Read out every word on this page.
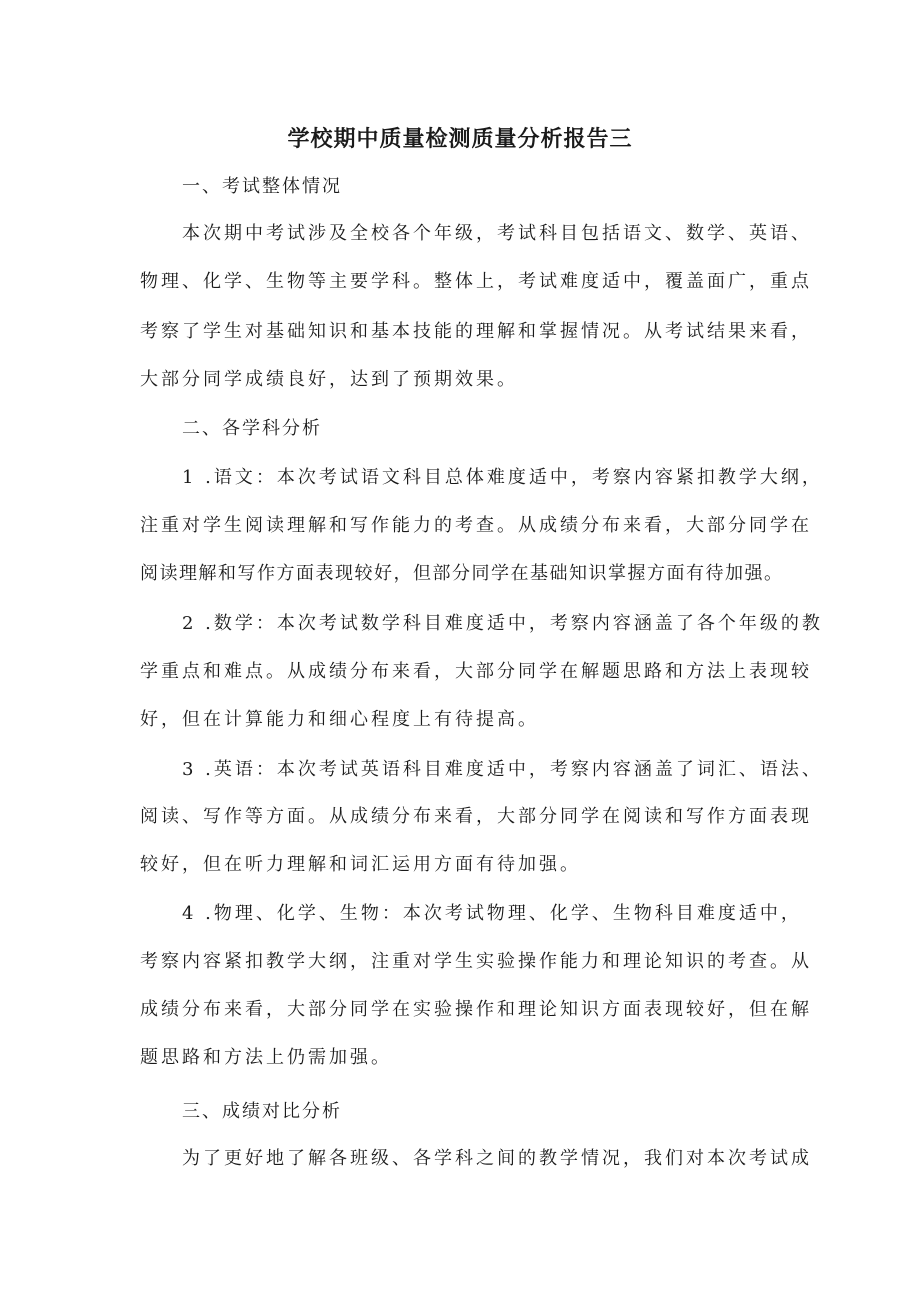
学校期中质量检测质量分析报告三

一、考试整体情况

本次期中考试涉及全校各个年级，考试科目包括语文、数学、英语、

物理、化学、生物等主要学科。整体上，考试难度适中，覆盖面广，重点

考察了学生对基础知识和基本技能的理解和掌握情况。从考试结果来看，

大部分同学成绩良好，达到了预期效果。

二、各学科分析

1 .语文：本次考试语文科目总体难度适中，考察内容紧扣教学大纲，

注重对学生阅读理解和写作能力的考查。从成绩分布来看，大部分同学在

阅读理解和写作方面表现较好，但部分同学在基础知识掌握方面有待加强。

2 .数学：本次考试数学科目难度适中，考察内容涵盖了各个年级的教

学重点和难点。从成绩分布来看，大部分同学在解题思路和方法上表现较

好，但在计算能力和细心程度上有待提高。

3 .英语：本次考试英语科目难度适中，考察内容涵盖了词汇、语法、

阅读、写作等方面。从成绩分布来看，大部分同学在阅读和写作方面表现

较好，但在听力理解和词汇运用方面有待加强。

4 .物理、化学、生物：本次考试物理、化学、生物科目难度适中，

考察内容紧扣教学大纲，注重对学生实验操作能力和理论知识的考查。从

成绩分布来看，大部分同学在实验操作和理论知识方面表现较好，但在解

题思路和方法上仍需加强。

三、成绩对比分析

为了更好地了解各班级、各学科之间的教学情况，我们对本次考试成
